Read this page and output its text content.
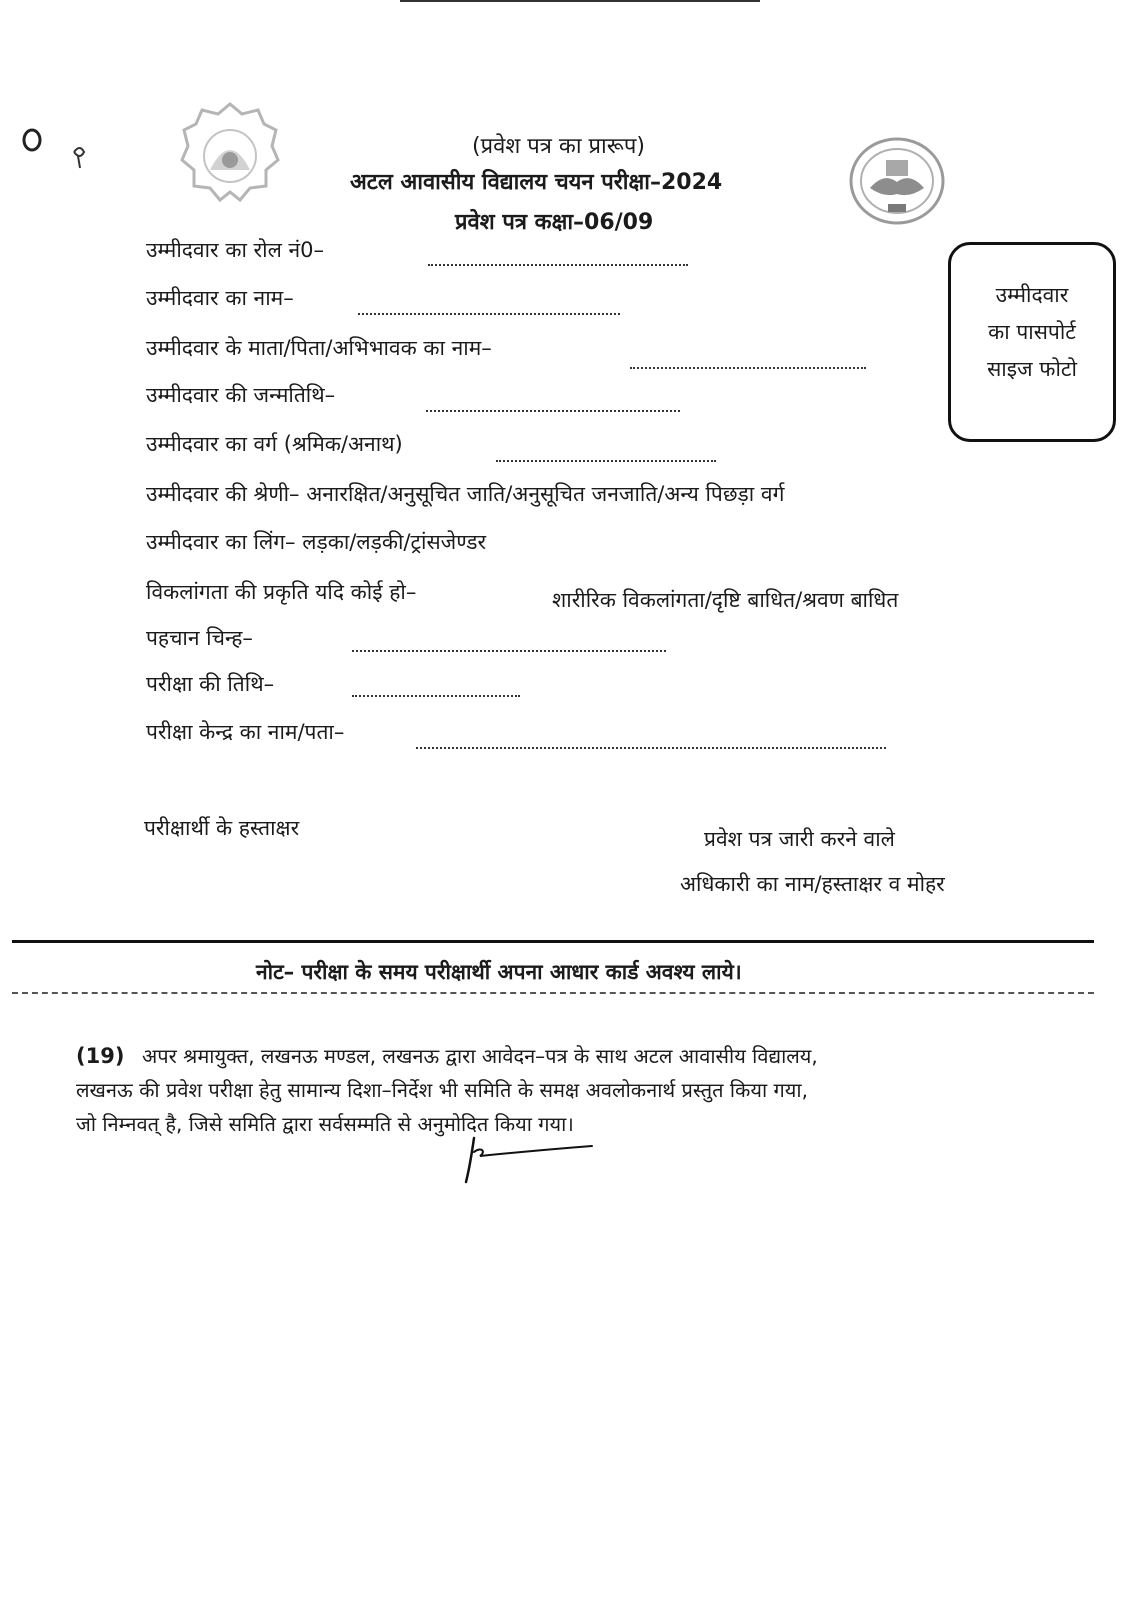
(प्रवेश पत्र का प्रारूप)
अटल आवासीय विद्यालय चयन परीक्षा–2024
प्रवेश पत्र कक्षा–06/09
उम्मीदवार
का पासपोर्ट
साइज फोटो
उम्मीदवार का रोल नं0–
उम्मीदवार का नाम–
उम्मीदवार के माता/पिता/अभिभावक का नाम–
उम्मीदवार की जन्मतिथि–
उम्मीदवार का वर्ग (श्रमिक/अनाथ)
उम्मीदवार की श्रेणी– अनारक्षित/अनुसूचित जाति/अनुसूचित जनजाति/अन्य पिछड़ा वर्ग
उम्मीदवार का लिंग– लड़का/लड़की/ट्रांसजेण्डर
विकलांगता की प्रकृति यदि कोई हो–	शारीरिक विकलांगता/दृष्टि बाधित/श्रवण बाधित
पहचान चिन्ह–
परीक्षा की तिथि–
परीक्षा केन्द्र का नाम/पता–
परीक्षार्थी के हस्ताक्षर	प्रवेश पत्र जारी करने वाले
अधिकारी का नाम/हस्ताक्षर व मोहर
नोट– परीक्षा के समय परीक्षार्थी अपना आधार कार्ड अवश्य लाये।
(19) अपर श्रमायुक्त, लखनऊ मण्डल, लखनऊ द्वारा आवेदन–पत्र के साथ अटल आवासीय विद्यालय,
लखनऊ की प्रवेश परीक्षा हेतु सामान्य दिशा–निर्देश भी समिति के समक्ष अवलोकनार्थ प्रस्तुत किया गया,
जो निम्नवत् है, जिसे समिति द्वारा सर्वसम्मति से अनुमोदित किया गया।
